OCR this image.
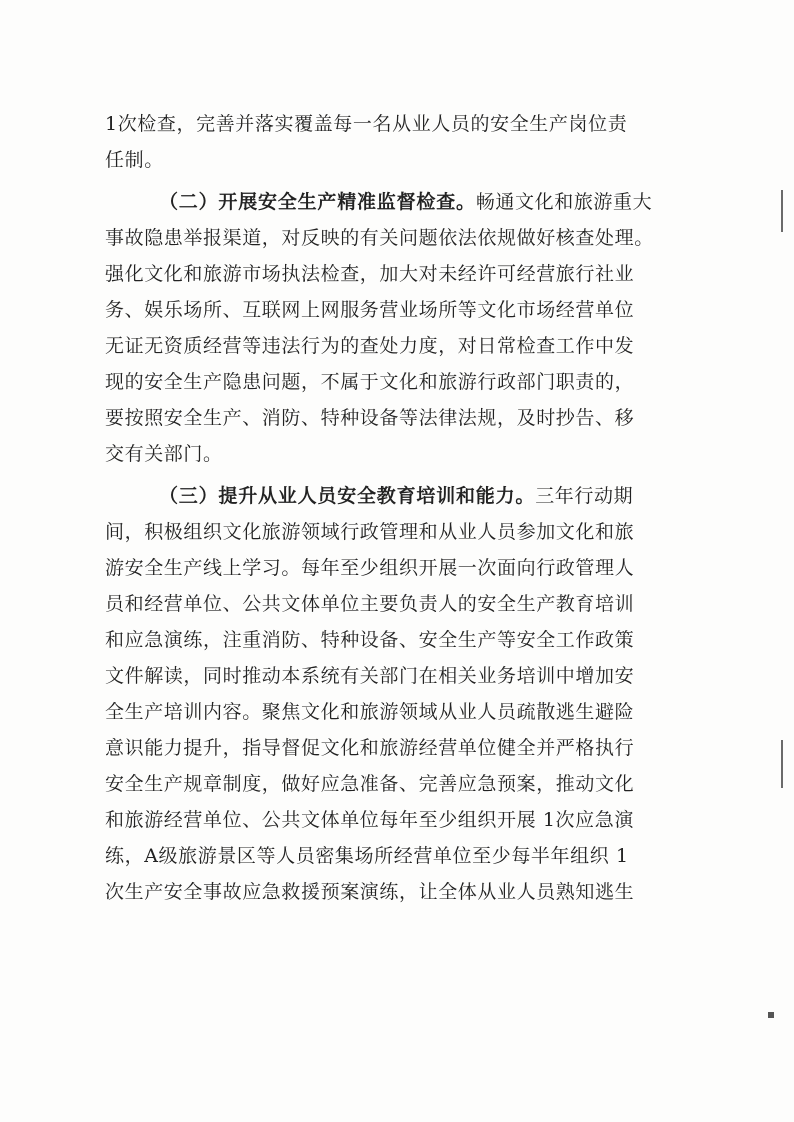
1次检查，完善并落实覆盖每一名从业人员的安全生产岗位责
任制。
（二）开展安全生产精准监督检查。畅通文化和旅游重大
事故隐患举报渠道，对反映的有关问题依法依规做好核查处理。
强化文化和旅游市场执法检查，加大对未经许可经营旅行社业
务、娱乐场所、互联网上网服务营业场所等文化市场经营单位
无证无资质经营等违法行为的查处力度，对日常检查工作中发
现的安全生产隐患问题，不属于文化和旅游行政部门职责的，
要按照安全生产、消防、特种设备等法律法规，及时抄告、移
交有关部门。
（三）提升从业人员安全教育培训和能力。三年行动期
间，积极组织文化旅游领域行政管理和从业人员参加文化和旅
游安全生产线上学习。每年至少组织开展一次面向行政管理人
员和经营单位、公共文体单位主要负责人的安全生产教育培训
和应急演练，注重消防、特种设备、安全生产等安全工作政策
文件解读，同时推动本系统有关部门在相关业务培训中增加安
全生产培训内容。聚焦文化和旅游领域从业人员疏散逃生避险
意识能力提升，指导督促文化和旅游经营单位健全并严格执行
安全生产规章制度，做好应急准备、完善应急预案，推动文化
和旅游经营单位、公共文体单位每年至少组织开展 1次应急演
练，A级旅游景区等人员密集场所经营单位至少每半年组织 1
次生产安全事故应急救援预案演练，让全体从业人员熟知逃生
